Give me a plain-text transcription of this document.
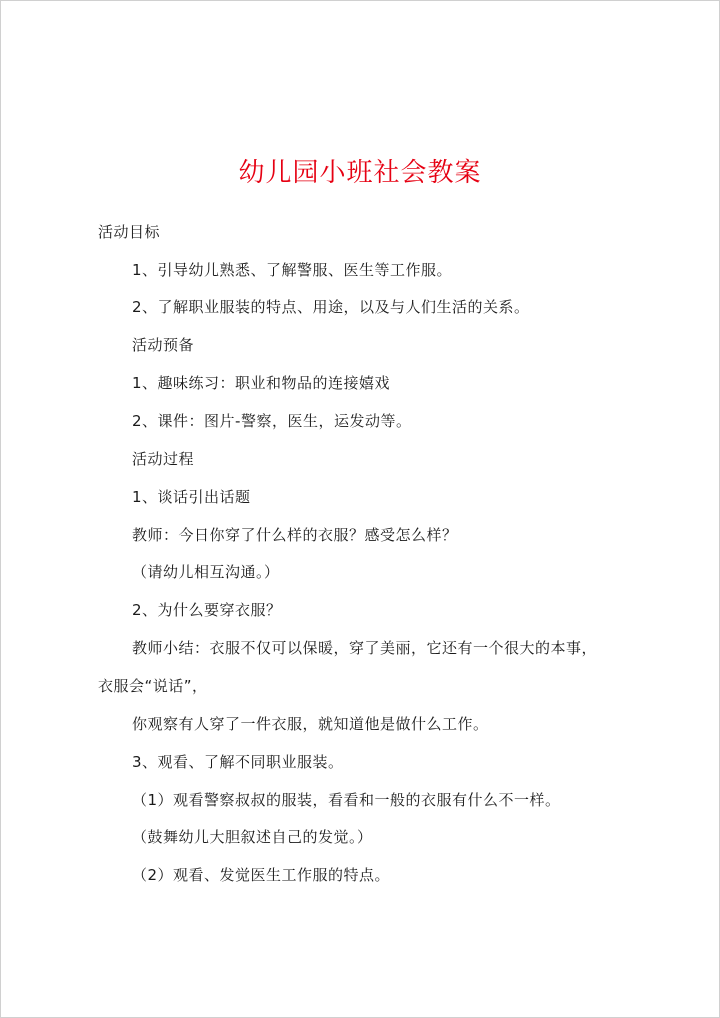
幼儿园小班社会教案
活动目标
1、引导幼儿熟悉、了解警服、医生等工作服。
2、了解职业服装的特点、用途，以及与人们生活的关系。
活动预备
1、趣味练习：职业和物品的连接嬉戏
2、课件：图片-警察，医生，运发动等。
活动过程
1、谈话引出话题
教师：今日你穿了什么样的衣服？感受怎么样？
（请幼儿相互沟通。）
2、为什么要穿衣服？
教师小结：衣服不仅可以保暖，穿了美丽，它还有一个很大的本事，
衣服会“说话”，
你观察有人穿了一件衣服，就知道他是做什么工作。
3、观看、了解不同职业服装。
（1）观看警察叔叔的服装，看看和一般的衣服有什么不一样。
（鼓舞幼儿大胆叙述自己的发觉。）
（2）观看、发觉医生工作服的特点。
